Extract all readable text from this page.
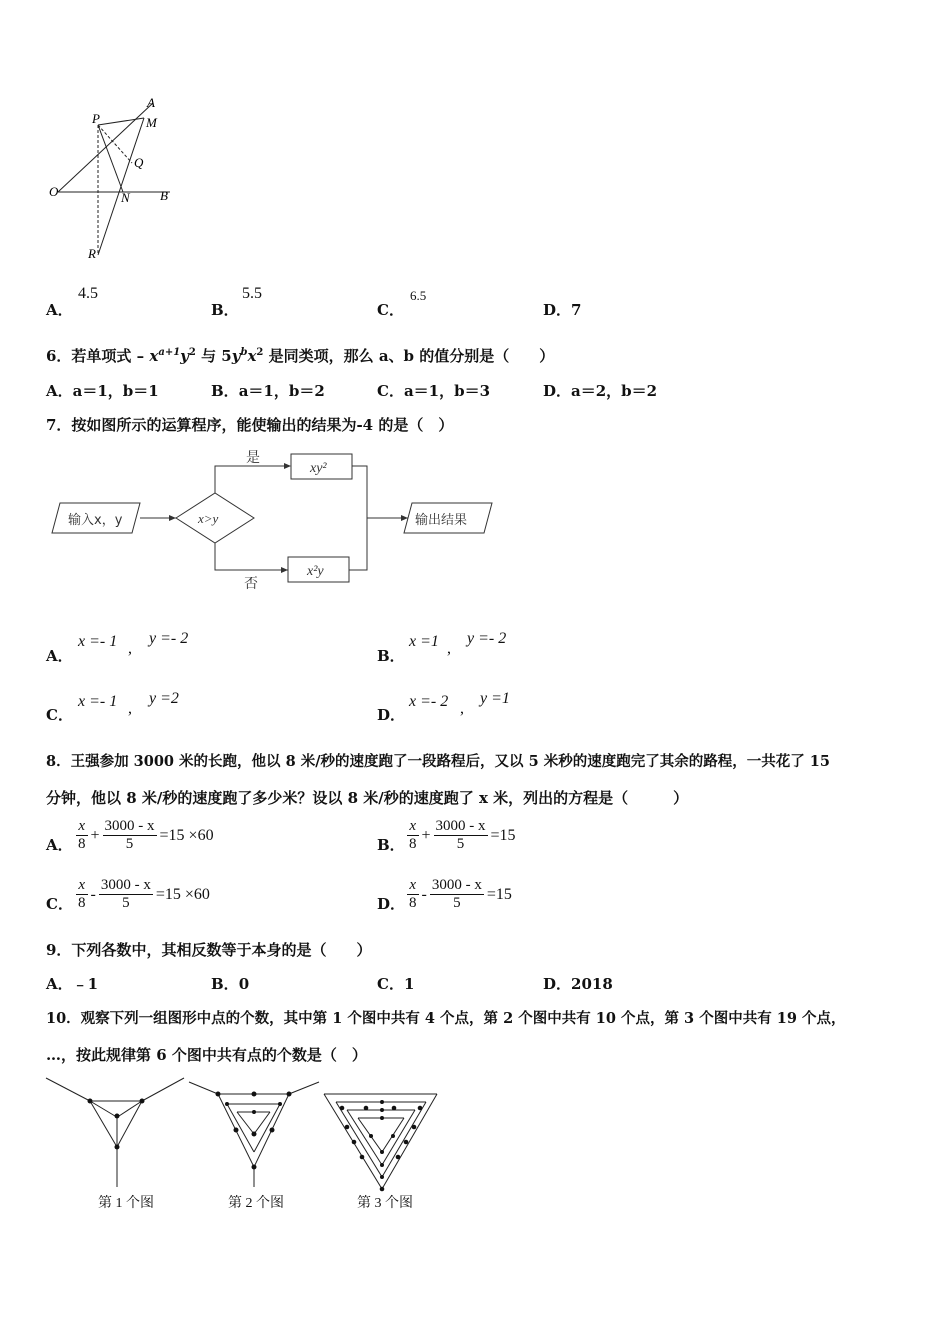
P
A
M
Q
O	N B
R
A．
4.5
B．
5.5
C．
6.5
D．7
6．若单项式 – $x^{a+1}y^2$ 与 $5y^bx^2$ 是同类项，那么 a、b 的值分别是（　　）
A．a＝1，b＝1	B．a＝1，b＝2	C．a＝1，b＝3	D．a＝2，b＝2
7．按如图所示的运算程序，能使输出的结果为-4 的是（　）
输入x，y	x>y
是
否
xy²
x²y
输出结果
A．
x =- 1 ,
y =- 2
B．
x =1 ,
y =- 2
C．
x =- 1 ,
y =2
D．
x =- 2 ,
y =1
8．王强参加 3000 米的长跑，他以 8 米/秒的速度跑了一段路程后，又以 5 米秒的速度跑完了其余的路程，一共花了 15
分钟，他以 8 米/秒的速度跑了多少米？设以 8 米/秒的速度跑了 x 米，列出的方程是（　　　）
A． $\frac{x}{8} + \frac{3000 - x}{5} =15 \times 60$
B． $\frac{x}{8} + \frac{3000 - x}{5} =15$
C． $\frac{x}{8} - \frac{3000 - x}{5} =15 \times 60$
D． $\frac{x}{8} - \frac{3000 - x}{5} =15$
9．下列各数中，其相反数等于本身的是（　　）
A．﹣1	B．0	C．1	D．2018
10．观察下列一组图形中点的个数，其中第 1 个图中共有 4 个点，第 2 个图中共有 10 个点，第 3 个图中共有 19 个点，
…，按此规律第 6 个图中共有点的个数是（　）
第 1 个图	第 2 个图	第 3 个图
